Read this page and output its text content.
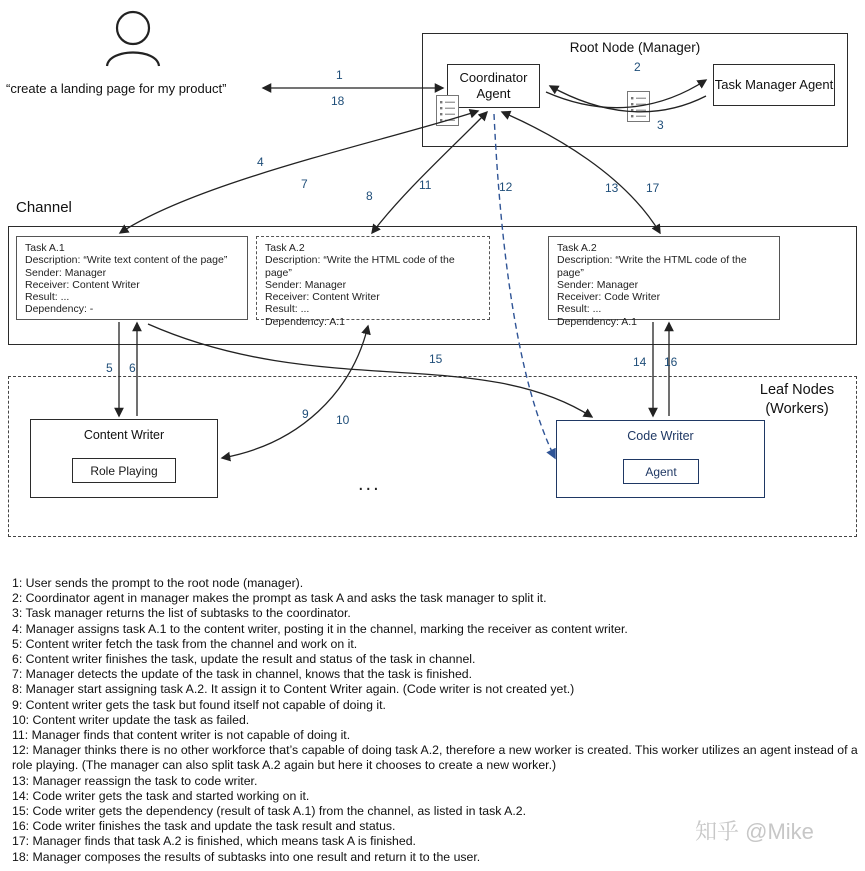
“create a landing page for my product”
Root Node (Manager)
Coordinator Agent
Task Manager Agent
Channel
Task A.1
Description: “Write text content of the page”
Sender: Manager
Receiver: Content Writer
Result: ...
Dependency: -
Task A.2
Description: “Write the HTML code of the page”
Sender: Manager
Receiver: Content Writer
Result: ...
Dependency: A.1
Task A.2
Description: “Write the HTML code of the page”
Sender: Manager
Receiver: Code Writer
Result: ...
Dependency: A.1
Leaf Nodes (Workers)
Content Writer
Role Playing
...
Code Writer
Agent
1
18
2
3
4
7
8
11	12	13 17
5 6
9 10
15	14 16
1: User sends the prompt to the root node (manager).
2: Coordinator agent in manager makes the prompt as task A and asks the task manager to split it.
3: Task manager returns the list of subtasks to the coordinator.
4: Manager assigns task A.1 to the content writer, posting it in the channel, marking the receiver as content writer.
5: Content writer fetch the task from the channel and work on it.
6: Content writer finishes the task, update the result and status of the task in channel.
7: Manager detects the update of the task in channel, knows that the task is finished.
8: Manager start assigning task A.2. It assign it to Content Writer again. (Code writer is not created yet.)
9: Content writer gets the task but found itself not capable of doing it.
10: Content writer update the task as failed.
11: Manager finds that content writer is not capable of doing it.
12: Manager thinks there is no other workforce that’s capable of doing task A.2, therefore a new worker is created. This worker utilizes an agent instead of a role playing. (The manager can also split task A.2 again but here it chooses to create a new worker.)
13: Manager reassign the task to code writer.
14: Code writer gets the task and started working on it.
15: Code writer gets the dependency (result of task A.1) from the channel, as listed in task A.2.
16: Code writer finishes the task and update the task result and status.
17: Manager finds that task A.2 is finished, which means task A is finished.
18: Manager composes the results of subtasks into one result and return it to the user.
知乎 @Mike
